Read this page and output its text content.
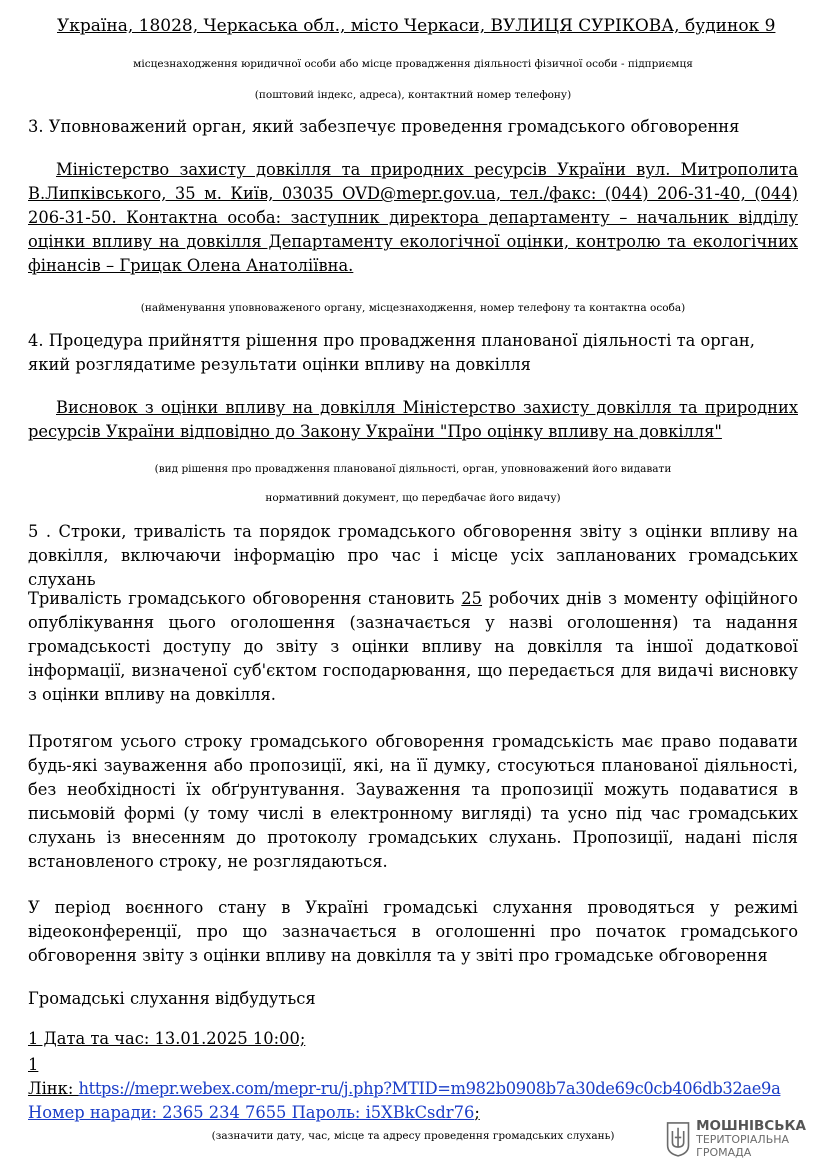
Україна, 18028, Черкаська обл., місто Черкаси, ВУЛИЦЯ СУРІКОВА, будинок 9
місцезнаходження юридичної особи або місце провадження діяльності фізичної особи - підприємця
(поштовий індекс, адреса), контактний номер телефону)
3. Уповноважений орган, який забезпечує проведення громадського обговорення
Міністерство захисту довкілля та природних ресурсів України вул. Митрополита В.Липківського, 35 м. Київ, 03035 OVD@mepr.gov.ua, тел./факс: (044) 206-31-40, (044) 206-31-50. Контактна особа: заступник директора департаменту – начальник відділу оцінки впливу на довкілля Департаменту екологічної оцінки, контролю та екологічних фінансів – Грицак Олена Анатоліївна.
(найменування уповноваженого органу, місцезнаходження, номер телефону та контактна особа)
4. Процедура прийняття рішення про провадження планованої діяльності та орган, який розглядатиме результати оцінки впливу на довкілля
Висновок з оцінки впливу на довкілля Міністерство захисту довкілля та природних ресурсів України відповідно до Закону України "Про оцінку впливу на довкілля"
(вид рішення про провадження планованої діяльності, орган, уповноважений його видавати
нормативний документ, що передбачає його видачу)
5 . Строки, тривалість та порядок громадського обговорення звіту з оцінки впливу на довкілля, включаючи інформацію про час і місце усіх запланованих громадських слухань
Тривалість громадського обговорення становить 25 робочих днів з моменту офіційного опублікування цього оголошення (зазначається у назві оголошення) та надання громадськості доступу до звіту з оцінки впливу на довкілля та іншої додаткової інформації, визначеної суб'єктом господарювання, що передається для видачі висновку з оцінки впливу на довкілля.
Протягом усього строку громадського обговорення громадськість має право подавати будь-які зауваження або пропозиції, які, на її думку, стосуються планованої діяльності, без необхідності їх обґрунтування. Зауваження та пропозиції можуть подаватися в письмовій формі (у тому числі в електронному вигляді) та усно під час громадських слухань із внесенням до протоколу громадських слухань. Пропозиції, надані після встановленого строку, не розглядаються.
У період воєнного стану в Україні громадські слухання проводяться у режимі відеоконференції, про що зазначається в оголошенні про початок громадського обговорення звіту з оцінки впливу на довкілля та у звіті про громадське обговорення
Громадські слухання відбудуться
1 Дата та час: 13.01.2025 10:00;
1
Лінк: https://mepr.webex.com/mepr-ru/j.php?MTID=m982b0908b7a30de69c0cb406db32ae9a
Номер наради: 2365 234 7655 Пароль: i5XBkCsdr76;
(зазначити дату, час, місце та адресу проведення громадських слухань)
МОШНІВСЬКА
ТЕРИТОРІАЛЬНА
ГРОМАДА
